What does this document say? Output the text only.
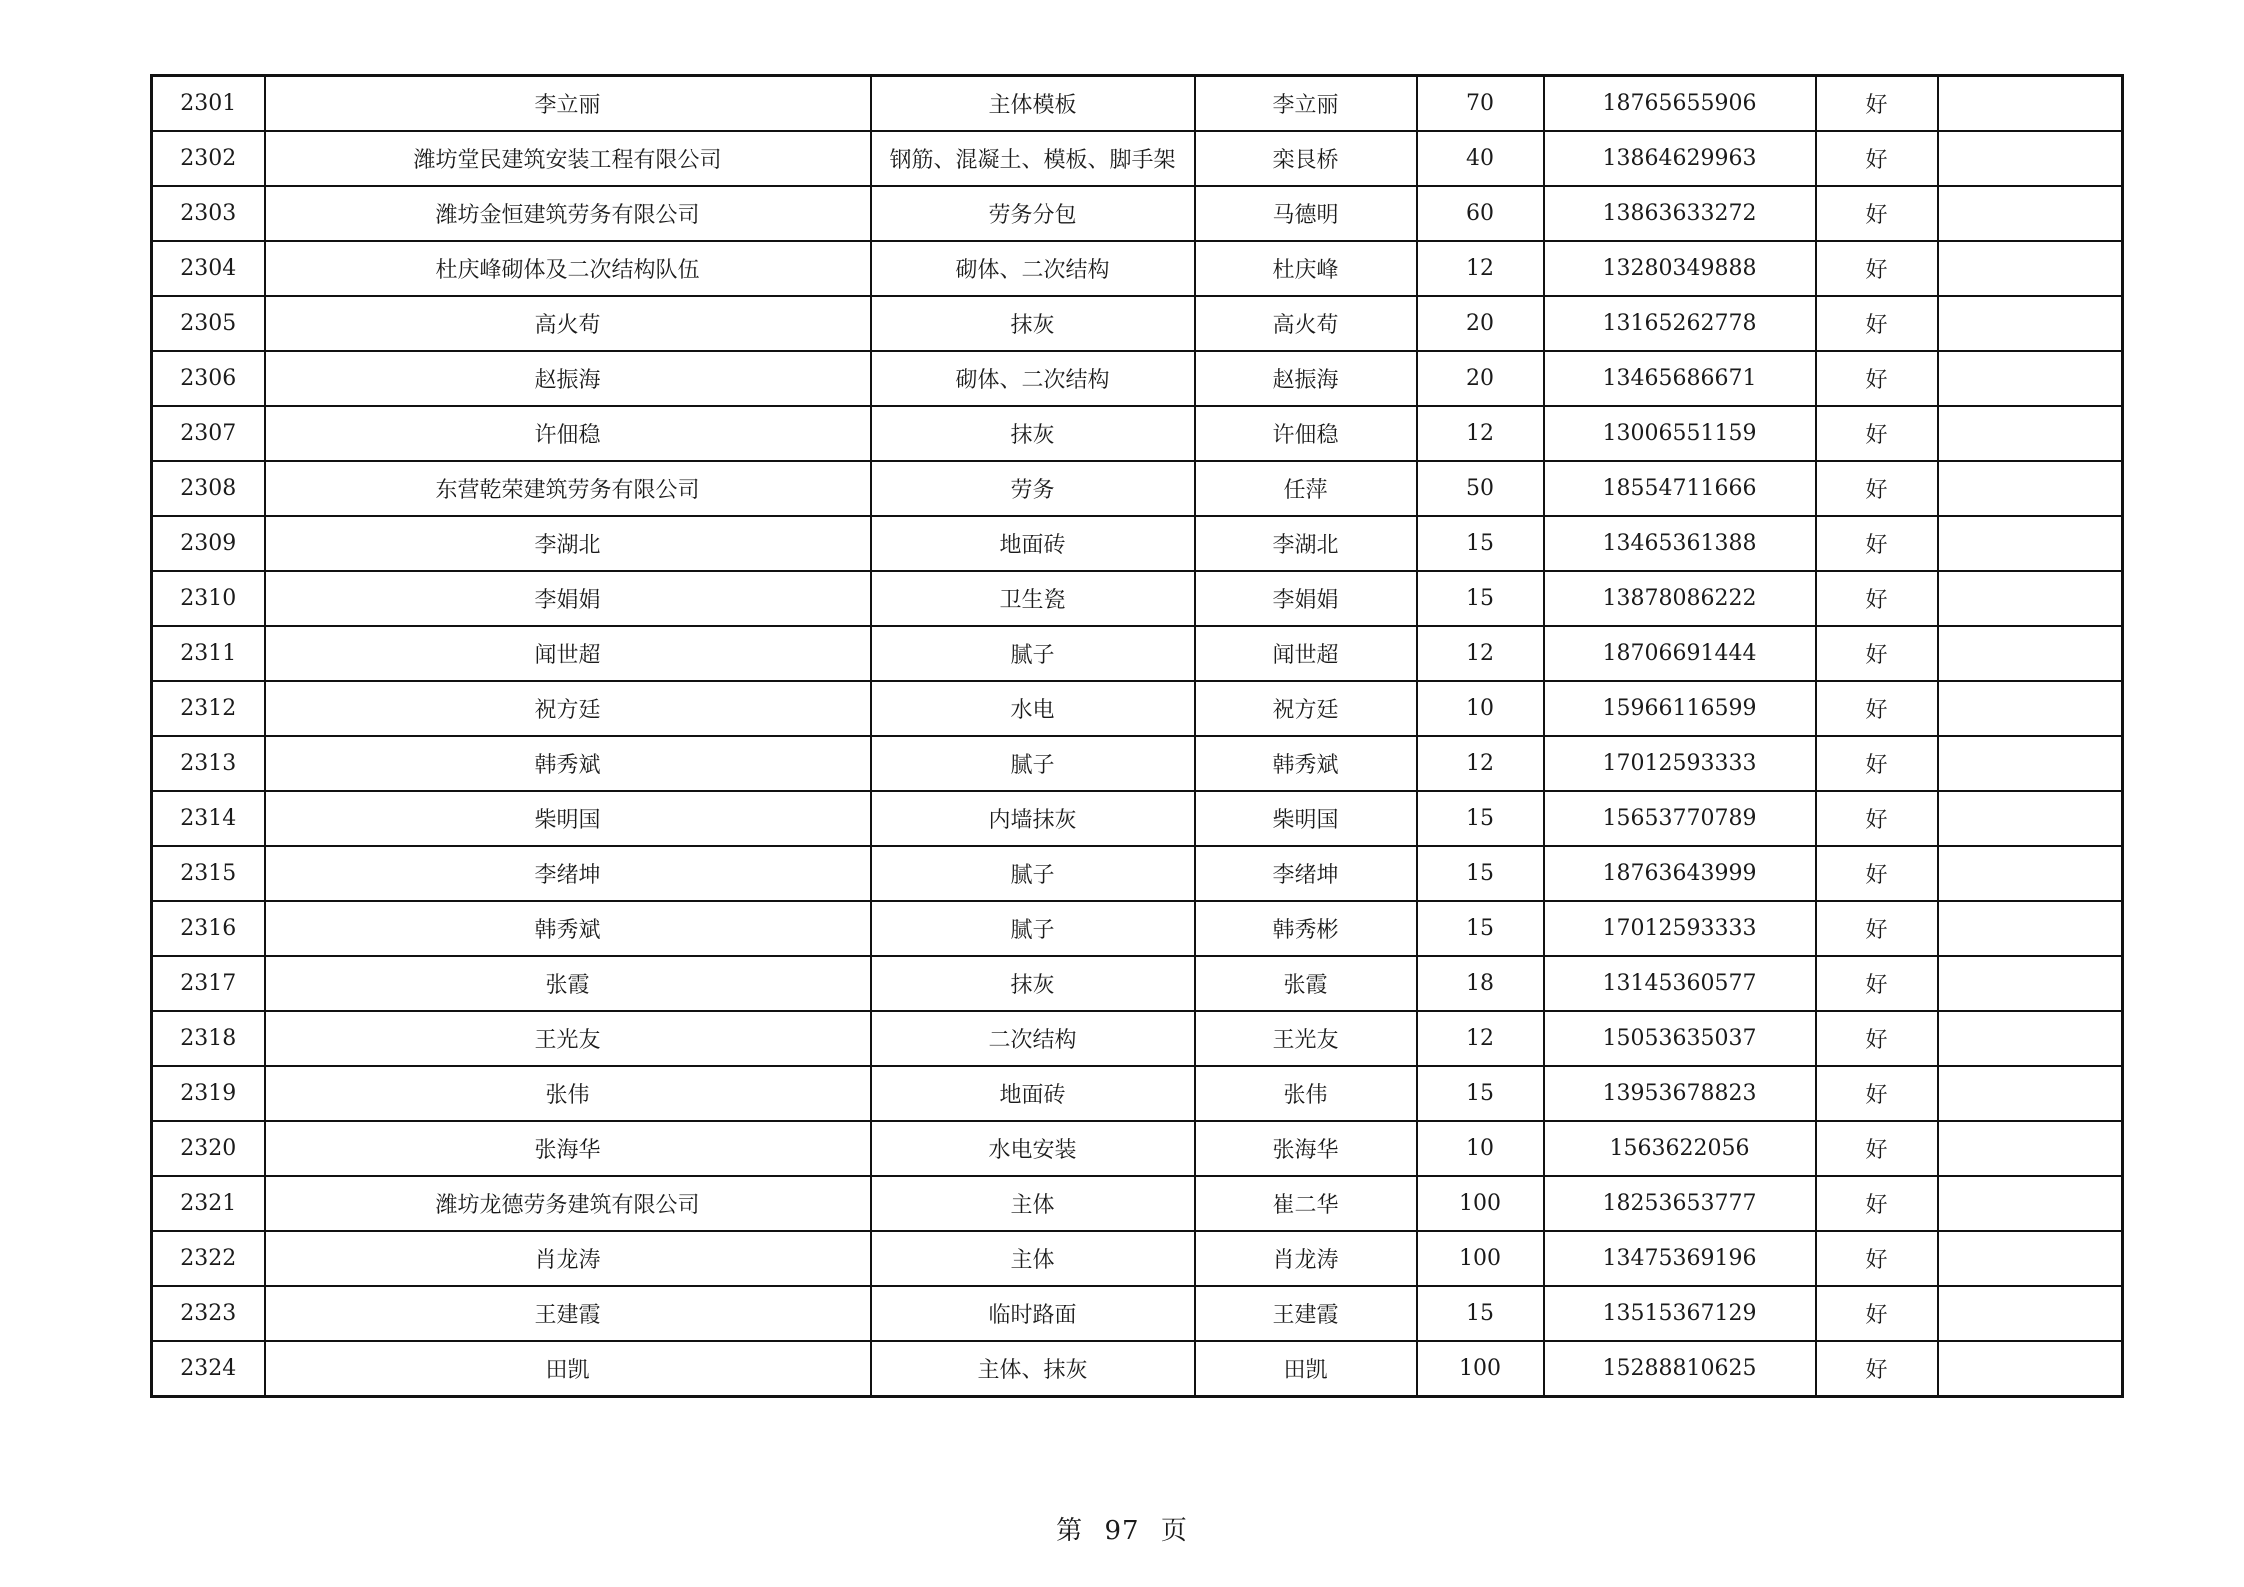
2301	李立丽	主体模板	李立丽	70	18765655906	好	
2302	潍坊堂民建筑安装工程有限公司	钢筋、混凝土、模板、脚手架	栾艮桥	40	13864629963	好	
2303	潍坊金恒建筑劳务有限公司	劳务分包	马德明	60	13863633272	好	
2304	杜庆峰砌体及二次结构队伍	砌体、二次结构	杜庆峰	12	13280349888	好	
2305	高火苟	抹灰	高火苟	20	13165262778	好	
2306	赵振海	砌体、二次结构	赵振海	20	13465686671	好	
2307	许佃稳	抹灰	许佃稳	12	13006551159	好	
2308	东营乾荣建筑劳务有限公司	劳务	任萍	50	18554711666	好	
2309	李湖北	地面砖	李湖北	15	13465361388	好	
2310	李娟娟	卫生瓷	李娟娟	15	13878086222	好	
2311	闻世超	腻子	闻世超	12	18706691444	好	
2312	祝方廷	水电	祝方廷	10	15966116599	好	
2313	韩秀斌	腻子	韩秀斌	12	17012593333	好	
2314	柴明国	内墙抹灰	柴明国	15	15653770789	好	
2315	李绪坤	腻子	李绪坤	15	18763643999	好	
2316	韩秀斌	腻子	韩秀彬	15	17012593333	好	
2317	张霞	抹灰	张霞	18	13145360577	好	
2318	王光友	二次结构	王光友	12	15053635037	好	
2319	张伟	地面砖	张伟	15	13953678823	好	
2320	张海华	水电安装	张海华	10	1563622056	好	
2321	潍坊龙德劳务建筑有限公司	主体	崔二华	100	18253653777	好	
2322	肖龙涛	主体	肖龙涛	100	13475369196	好	
2323	王建霞	临时路面	王建霞	15	13515367129	好	
2324	田凯	主体、抹灰	田凯	100	15288810625	好	
第 97 页
